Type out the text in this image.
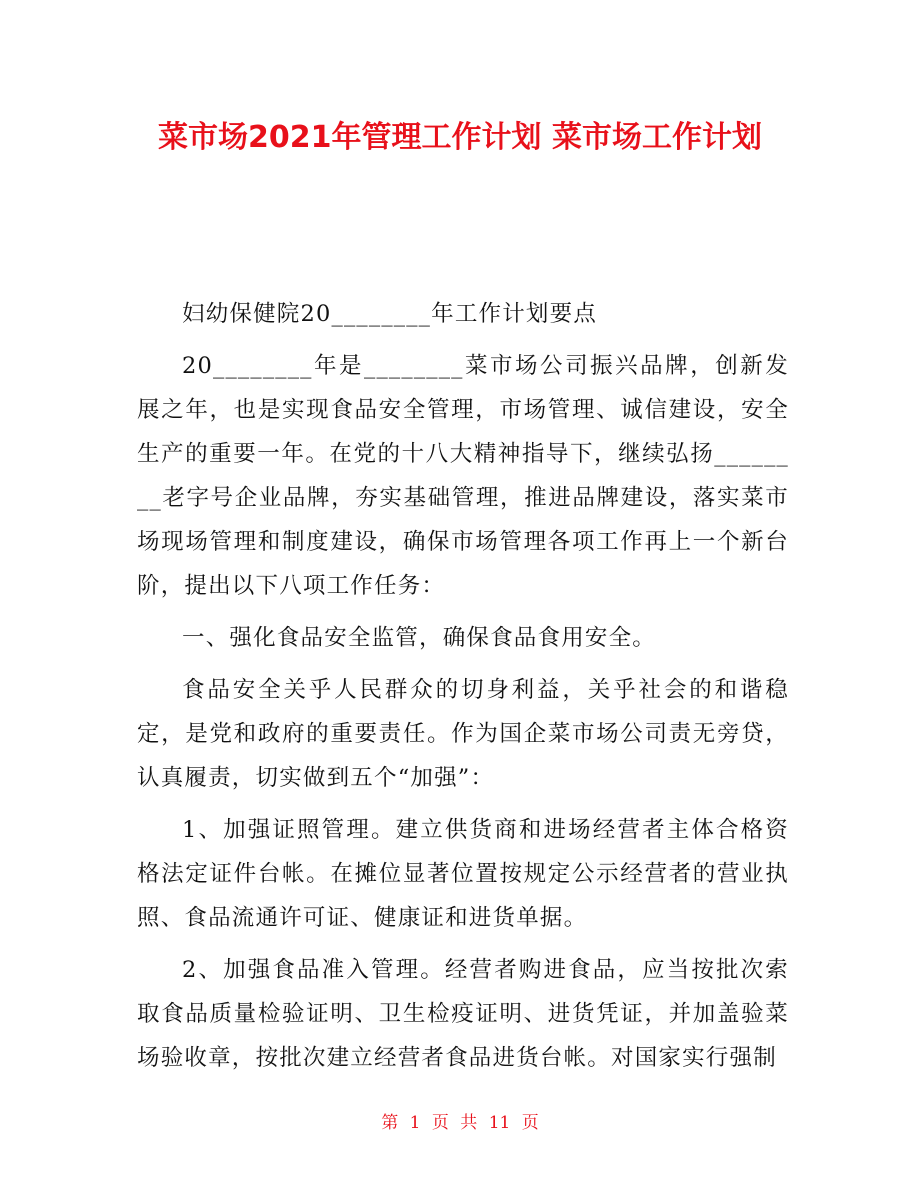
菜市场2021年管理工作计划 菜市场工作计划

妇幼保健院20________年工作计划要点

20________年是________菜市场公司振兴品牌，创新发展之年，也是实现食品安全管理，市场管理、诚信建设，安全生产的重要一年。在党的十八大精神指导下，继续弘扬________老字号企业品牌，夯实基础管理，推进品牌建设，落实菜市场现场管理和制度建设，确保市场管理各项工作再上一个新台阶，提出以下八项工作任务：

一、强化食品安全监管，确保食品食用安全。

食品安全关乎人民群众的切身利益，关乎社会的和谐稳定，是党和政府的重要责任。作为国企菜市场公司责无旁贷，认真履责，切实做到五个“加强”：

1、加强证照管理。建立供货商和进场经营者主体合格资格法定证件台帐。在摊位显著位置按规定公示经营者的营业执照、食品流通许可证、健康证和进货单据。

2、加强食品准入管理。经营者购进食品，应当按批次索取食品质量检验证明、卫生检疫证明、进货凭证，并加盖验菜场验收章，按批次建立经营者食品进货台帐。对国家实行强制

第 1 页 共 11 页
